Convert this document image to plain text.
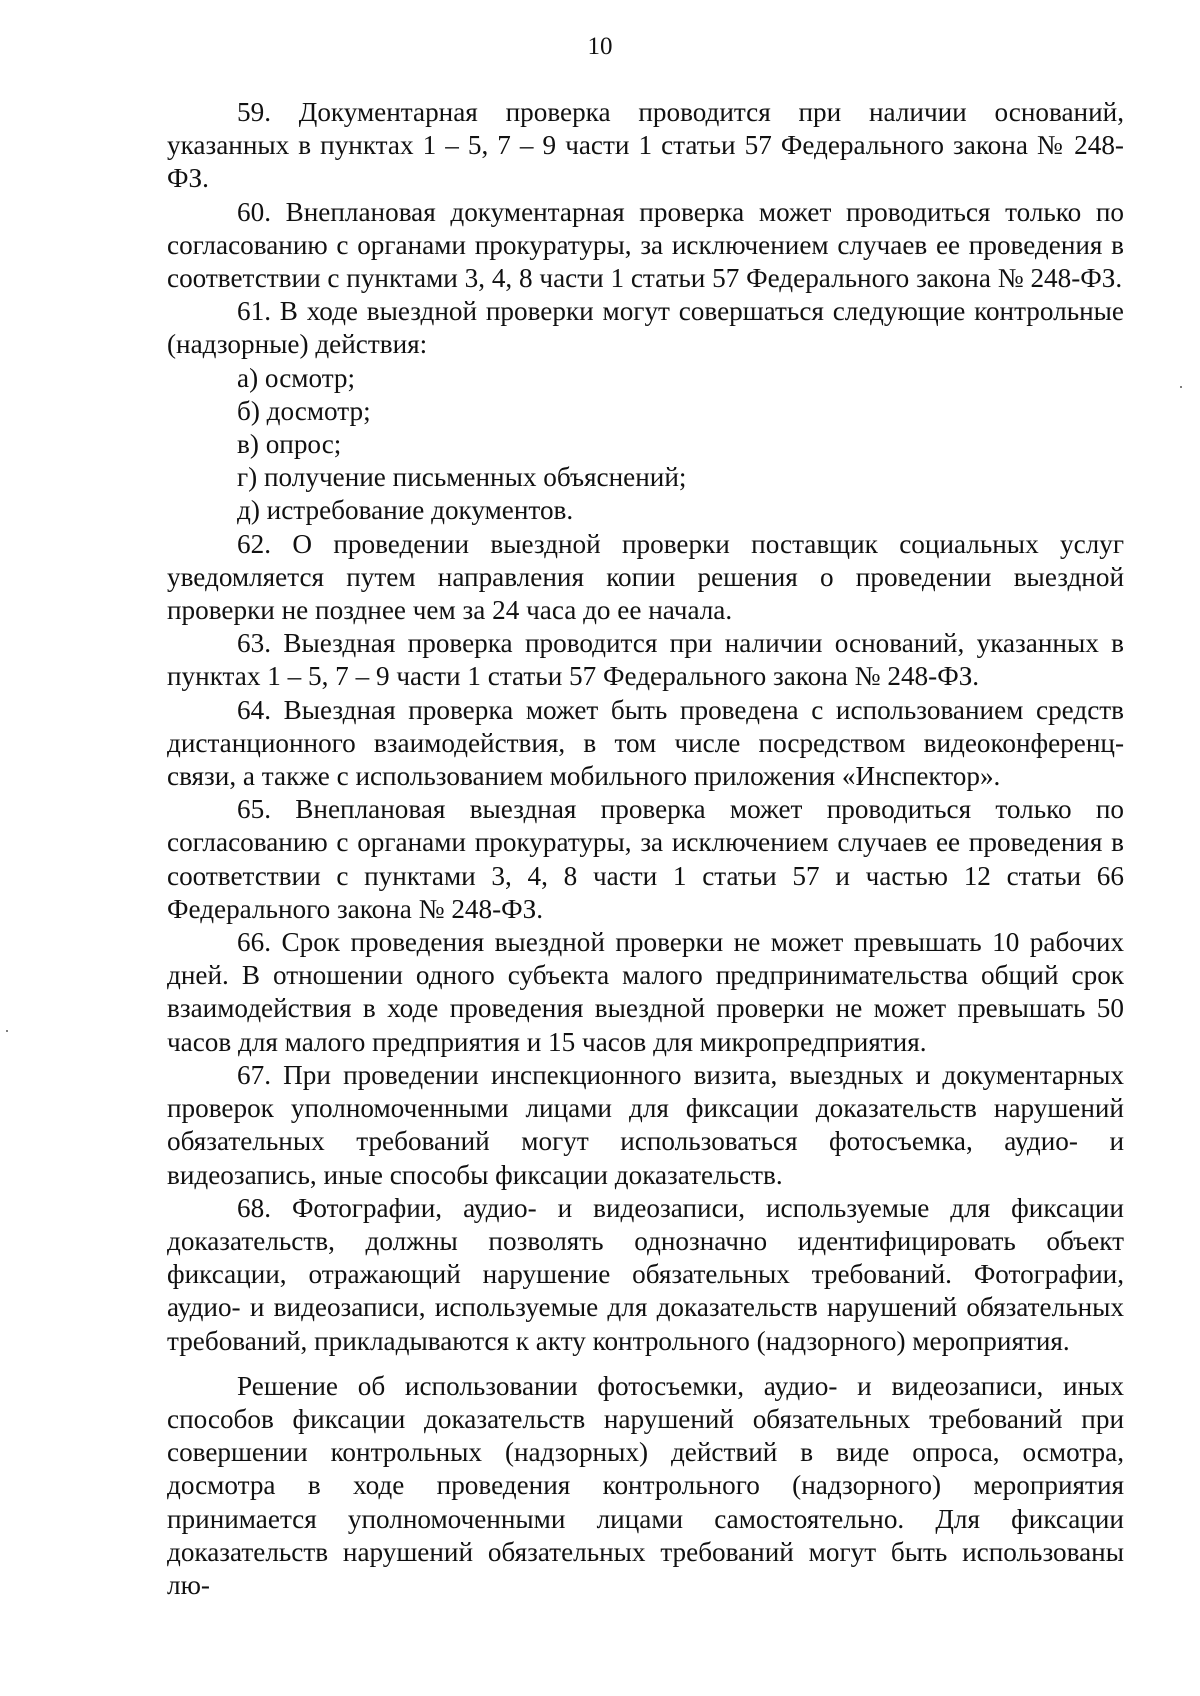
10

59. Документарная проверка проводится при наличии оснований, указанных в пунктах 1 – 5, 7 – 9 части 1 статьи 57 Федерального закона № 248-ФЗ.

60. Внеплановая документарная проверка может проводиться только по согласованию с органами прокуратуры, за исключением случаев ее проведения в соответствии с пунктами 3, 4, 8 части 1 статьи 57 Федерального закона № 248-ФЗ.

61. В ходе выездной проверки могут совершаться следующие контрольные (надзорные) действия:

а) осмотр;

б) досмотр;

в) опрос;

г) получение письменных объяснений;

д) истребование документов.

62. О проведении выездной проверки поставщик социальных услуг уведомляется путем направления копии решения о проведении выездной проверки не позднее чем за 24 часа до ее начала.

63. Выездная проверка проводится при наличии оснований, указанных в пунктах 1 – 5, 7 – 9 части 1 статьи 57 Федерального закона № 248-ФЗ.

64. Выездная проверка может быть проведена с использованием средств дистанционного взаимодействия, в том числе посредством видеоконференц-связи, а также с использованием мобильного приложения «Инспектор».

65. Внеплановая выездная проверка может проводиться только по согласованию с органами прокуратуры, за исключением случаев ее проведения в соответствии с пунктами 3, 4, 8 части 1 статьи 57 и частью 12 статьи 66 Федерального закона № 248-ФЗ.

66. Срок проведения выездной проверки не может превышать 10 рабочих дней. В отношении одного субъекта малого предпринимательства общий срок взаимодействия в ходе проведения выездной проверки не может превышать 50 часов для малого предприятия и 15 часов для микропредприятия.

67. При проведении инспекционного визита, выездных и документарных проверок уполномоченными лицами для фиксации доказательств нарушений обязательных требований могут использоваться фотосъемка, аудио- и видеозапись, иные способы фиксации доказательств.

68. Фотографии, аудио- и видеозаписи, используемые для фиксации доказательств, должны позволять однозначно идентифицировать объект фиксации, отражающий нарушение обязательных требований. Фотографии, аудио- и видеозаписи, используемые для доказательств нарушений обязательных требований, прикладываются к акту контрольного (надзорного) мероприятия.

Решение об использовании фотосъемки, аудио- и видеозаписи, иных способов фиксации доказательств нарушений обязательных требований при совершении контрольных (надзорных) действий в виде опроса, осмотра, досмотра в ходе проведения контрольного (надзорного) мероприятия принимается уполномоченными лицами самостоятельно. Для фиксации доказательств нарушений обязательных требований могут быть использованы лю-
